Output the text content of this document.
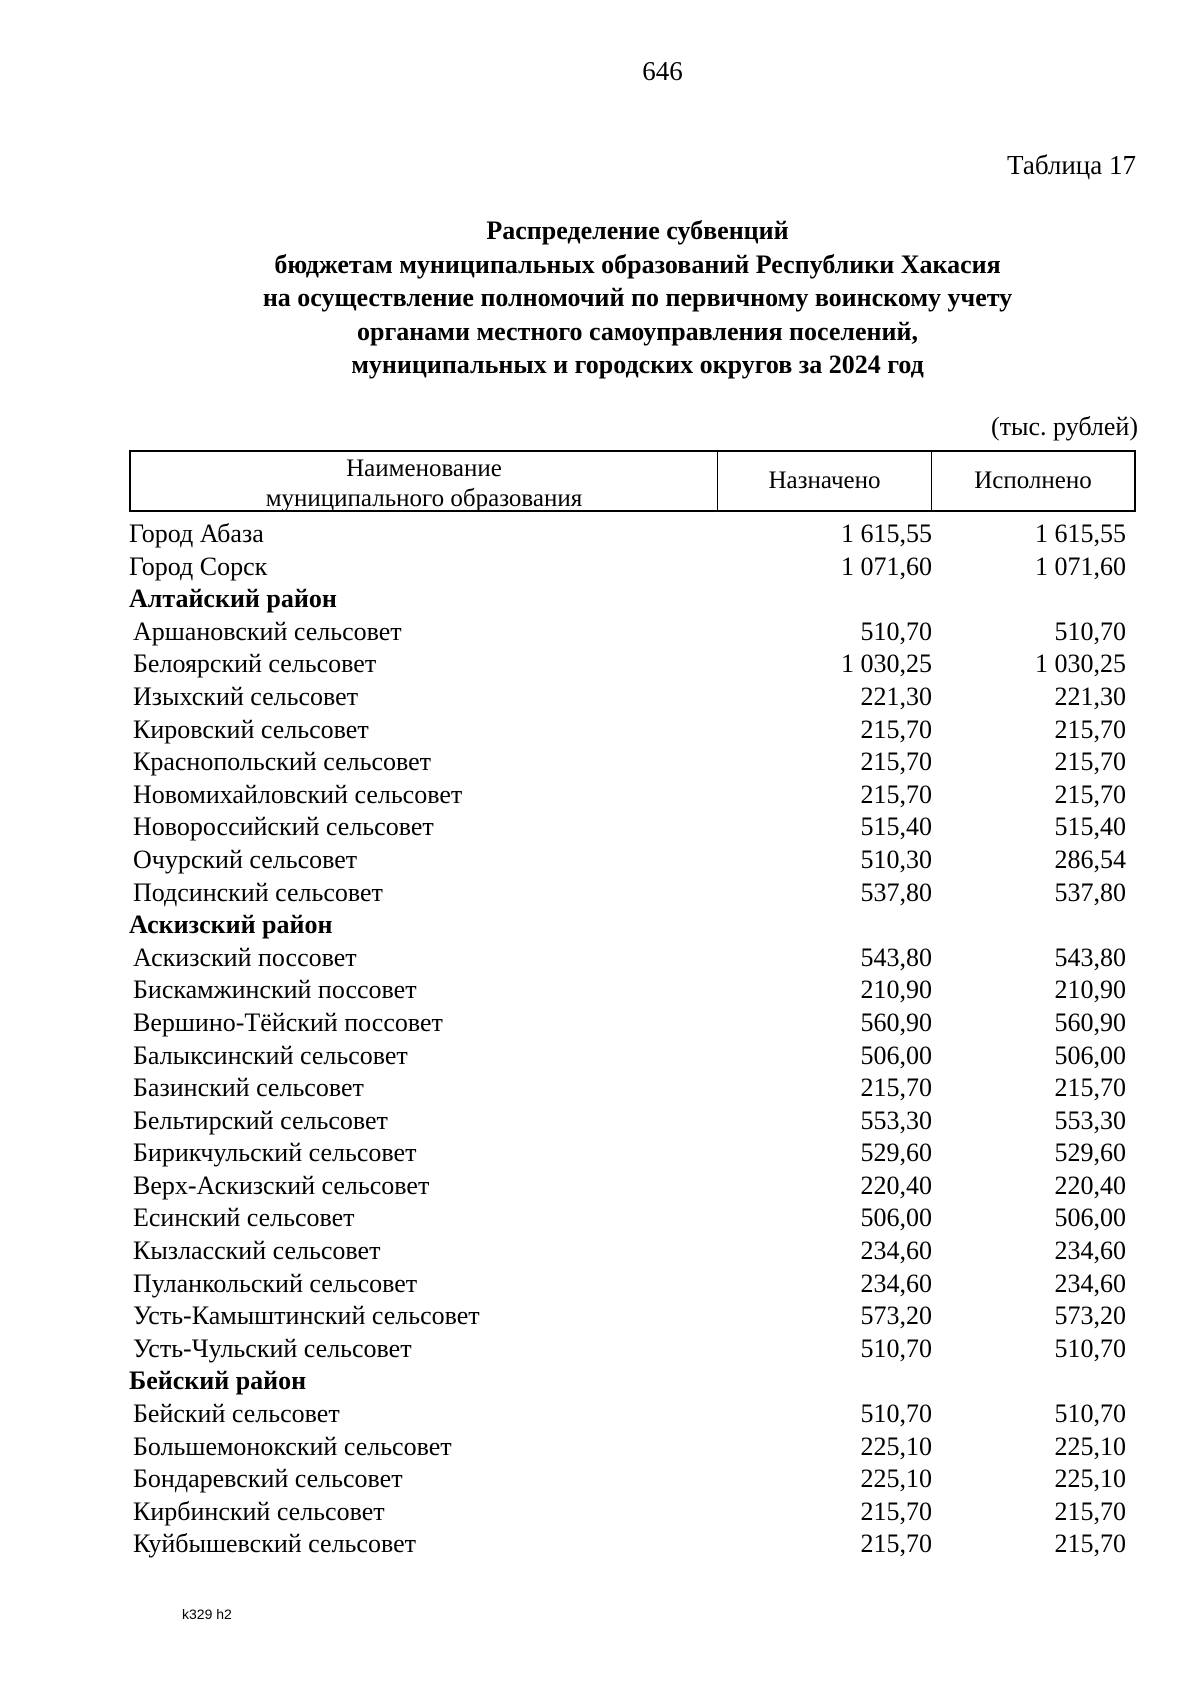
646
Таблица 17
Распределение субвенций
бюджетам муниципальных образований Республики Хакасия
на осуществление полномочий по первичному воинскому учету
органами местного самоуправления поселений,
муниципальных и городских округов за 2024 год
(тыс. рублей)
Наименование
муниципального образования
Назначено	Исполнено
Город Абаза	1 615,55	1 615,55
Город Сорск	1 071,60	1 071,60
Алтайский район
Аршановский сельсовет	510,70	510,70
Белоярский сельсовет	1 030,25	1 030,25
Изыхский сельсовет	221,30	221,30
Кировский сельсовет	215,70	215,70
Краснопольский сельсовет	215,70	215,70
Новомихайловский сельсовет	215,70	215,70
Новороссийский сельсовет	515,40	515,40
Очурский сельсовет	510,30	286,54
Подсинский сельсовет	537,80	537,80
Аскизский район
Аскизский поссовет	543,80	543,80
Бискамжинский поссовет	210,90	210,90
Вершино-Тёйский поссовет	560,90	560,90
Балыксинский сельсовет	506,00	506,00
Базинский сельсовет	215,70	215,70
Бельтирский сельсовет	553,30	553,30
Бирикчульский сельсовет	529,60	529,60
Верх-Аскизский сельсовет	220,40	220,40
Есинский сельсовет	506,00	506,00
Кызласский сельсовет	234,60	234,60
Пуланкольский сельсовет	234,60	234,60
Усть-Камыштинский сельсовет	573,20	573,20
Усть-Чульский сельсовет	510,70	510,70
Бейский район
Бейский сельсовет	510,70	510,70
Большемонокский сельсовет	225,10	225,10
Бондаревский сельсовет	225,10	225,10
Кирбинский сельсовет	215,70	215,70
Куйбышевский сельсовет	215,70	215,70
k329 h2
